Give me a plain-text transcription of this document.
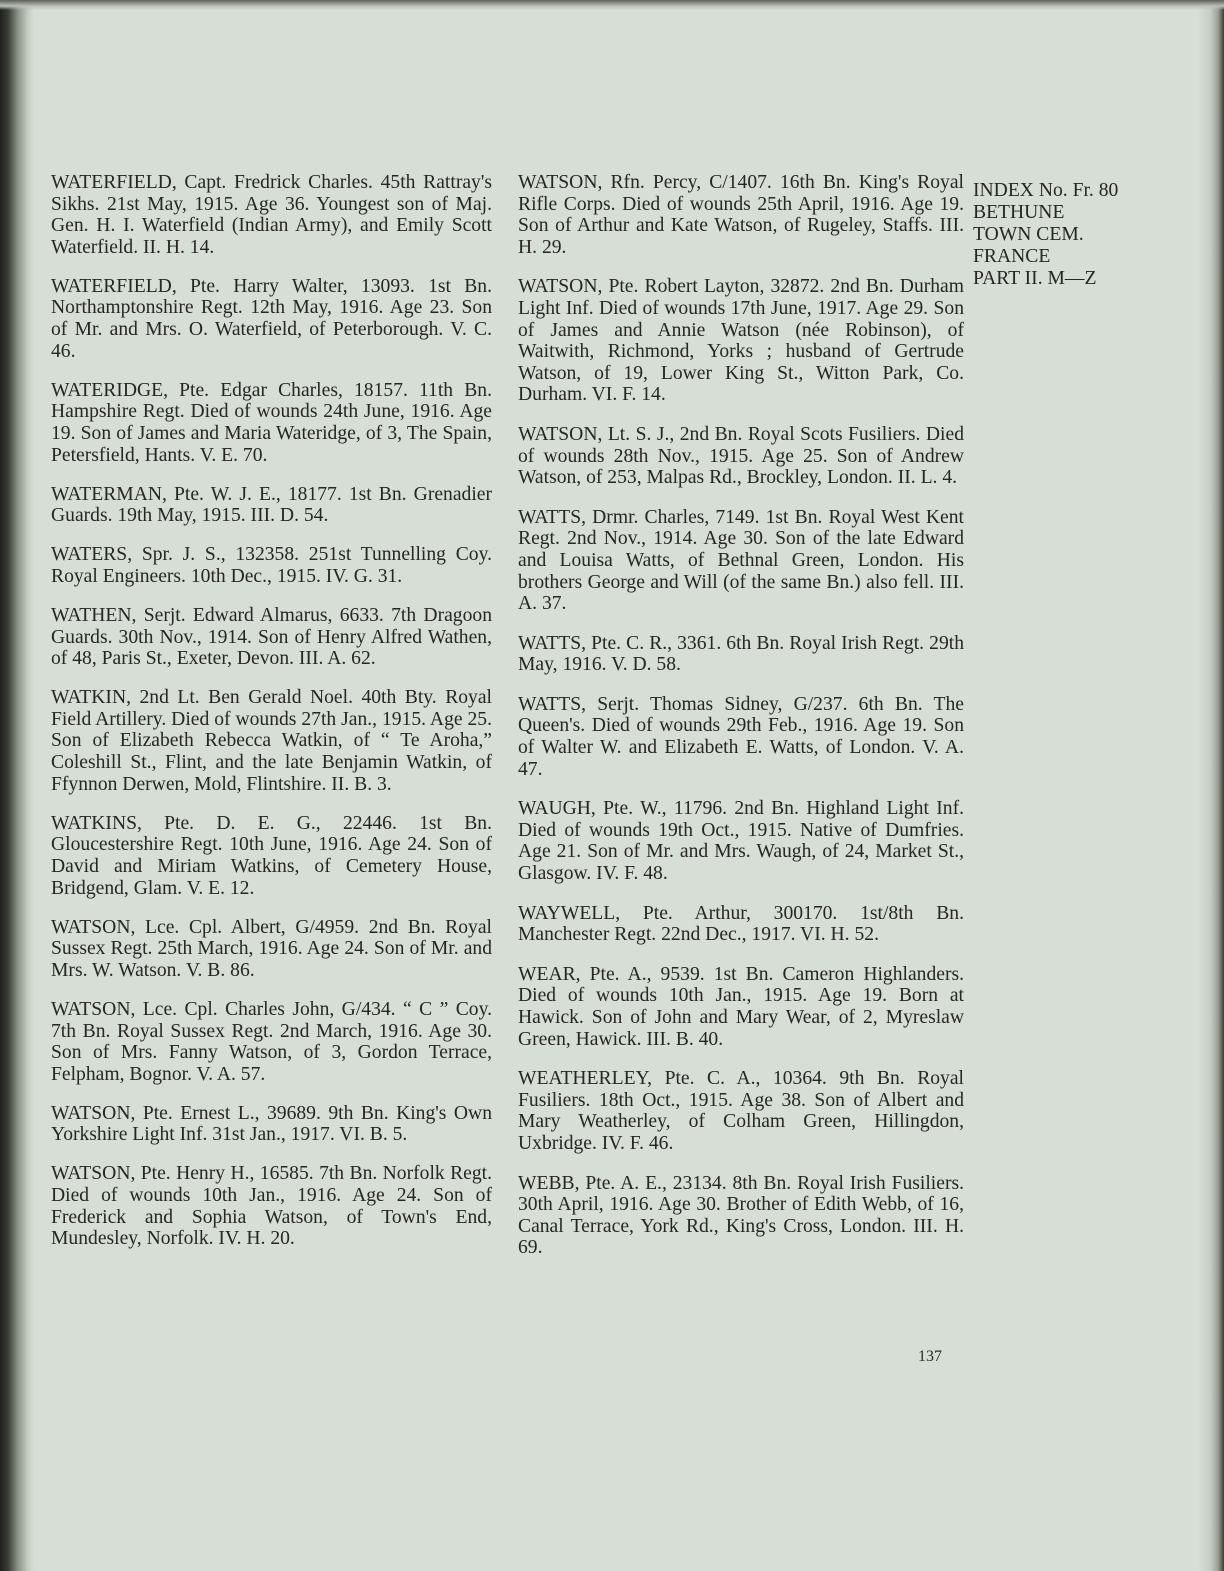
WATERFIELD, Capt. Fredrick Charles. 45th Rattray's Sikhs. 21st May, 1915. Age 36. Youngest son of Maj. Gen. H. I. Waterfield (Indian Army), and Emily Scott Waterfield. II. H. 14.

WATERFIELD, Pte. Harry Walter, 13093. 1st Bn. Northamptonshire Regt. 12th May, 1916. Age 23. Son of Mr. and Mrs. O. Waterfield, of Peterborough. V. C. 46.

WATERIDGE, Pte. Edgar Charles, 18157. 11th Bn. Hampshire Regt. Died of wounds 24th June, 1916. Age 19. Son of James and Maria Wateridge, of 3, The Spain, Petersfield, Hants. V. E. 70.

WATERMAN, Pte. W. J. E., 18177. 1st Bn. Grenadier Guards. 19th May, 1915. III. D. 54.

WATERS, Spr. J. S., 132358. 251st Tunnelling Coy. Royal Engineers. 10th Dec., 1915. IV. G. 31.

WATHEN, Serjt. Edward Almarus, 6633. 7th Dragoon Guards. 30th Nov., 1914. Son of Henry Alfred Wathen, of 48, Paris St., Exeter, Devon. III. A. 62.

WATKIN, 2nd Lt. Ben Gerald Noel. 40th Bty. Royal Field Artillery. Died of wounds 27th Jan., 1915. Age 25. Son of Elizabeth Rebecca Watkin, of “ Te Aroha,” Coleshill St., Flint, and the late Benjamin Watkin, of Ffynnon Derwen, Mold, Flintshire. II. B. 3.

WATKINS, Pte. D. E. G., 22446. 1st Bn. Gloucestershire Regt. 10th June, 1916. Age 24. Son of David and Miriam Watkins, of Cemetery House, Bridgend, Glam. V. E. 12.

WATSON, Lce. Cpl. Albert, G/4959. 2nd Bn. Royal Sussex Regt. 25th March, 1916. Age 24. Son of Mr. and Mrs. W. Watson. V. B. 86.

WATSON, Lce. Cpl. Charles John, G/434. “ C ” Coy. 7th Bn. Royal Sussex Regt. 2nd March, 1916. Age 30. Son of Mrs. Fanny Watson, of 3, Gordon Terrace, Felpham, Bognor. V. A. 57.

WATSON, Pte. Ernest L., 39689. 9th Bn. King's Own Yorkshire Light Inf. 31st Jan., 1917. VI. B. 5.

WATSON, Pte. Henry H., 16585. 7th Bn. Norfolk Regt. Died of wounds 10th Jan., 1916. Age 24. Son of Frederick and Sophia Watson, of Town's End, Mundesley, Norfolk. IV. H. 20.

WATSON, Rfn. Percy, C/1407. 16th Bn. King's Royal Rifle Corps. Died of wounds 25th April, 1916. Age 19. Son of Arthur and Kate Watson, of Rugeley, Staffs. III. H. 29.

WATSON, Pte. Robert Layton, 32872. 2nd Bn. Durham Light Inf. Died of wounds 17th June, 1917. Age 29. Son of James and Annie Watson (née Robinson), of Waitwith, Richmond, Yorks ; husband of Gertrude Watson, of 19, Lower King St., Witton Park, Co. Durham. VI. F. 14.

WATSON, Lt. S. J., 2nd Bn. Royal Scots Fusiliers. Died of wounds 28th Nov., 1915. Age 25. Son of Andrew Watson, of 253, Malpas Rd., Brockley, London. II. L. 4.

WATTS, Drmr. Charles, 7149. 1st Bn. Royal West Kent Regt. 2nd Nov., 1914. Age 30. Son of the late Edward and Louisa Watts, of Bethnal Green, London. His brothers George and Will (of the same Bn.) also fell. III. A. 37.

WATTS, Pte. C. R., 3361. 6th Bn. Royal Irish Regt. 29th May, 1916. V. D. 58.

WATTS, Serjt. Thomas Sidney, G/237. 6th Bn. The Queen's. Died of wounds 29th Feb., 1916. Age 19. Son of Walter W. and Elizabeth E. Watts, of London. V. A. 47.

WAUGH, Pte. W., 11796. 2nd Bn. Highland Light Inf. Died of wounds 19th Oct., 1915. Native of Dumfries. Age 21. Son of Mr. and Mrs. Waugh, of 24, Market St., Glasgow. IV. F. 48.

WAYWELL, Pte. Arthur, 300170. 1st/8th Bn. Manchester Regt. 22nd Dec., 1917. VI. H. 52.

WEAR, Pte. A., 9539. 1st Bn. Cameron Highlanders. Died of wounds 10th Jan., 1915. Age 19. Born at Hawick. Son of John and Mary Wear, of 2, Myreslaw Green, Hawick. III. B. 40.

WEATHERLEY, Pte. C. A., 10364. 9th Bn. Royal Fusiliers. 18th Oct., 1915. Age 38. Son of Albert and Mary Weatherley, of Colham Green, Hillingdon, Uxbridge. IV. F. 46.

WEBB, Pte. A. E., 23134. 8th Bn. Royal Irish Fusiliers. 30th April, 1916. Age 30. Brother of Edith Webb, of 16, Canal Terrace, York Rd., King's Cross, London. III. H. 69.

INDEX No. Fr. 80
BETHUNE
TOWN CEM.
FRANCE
PART II. M—Z
137
